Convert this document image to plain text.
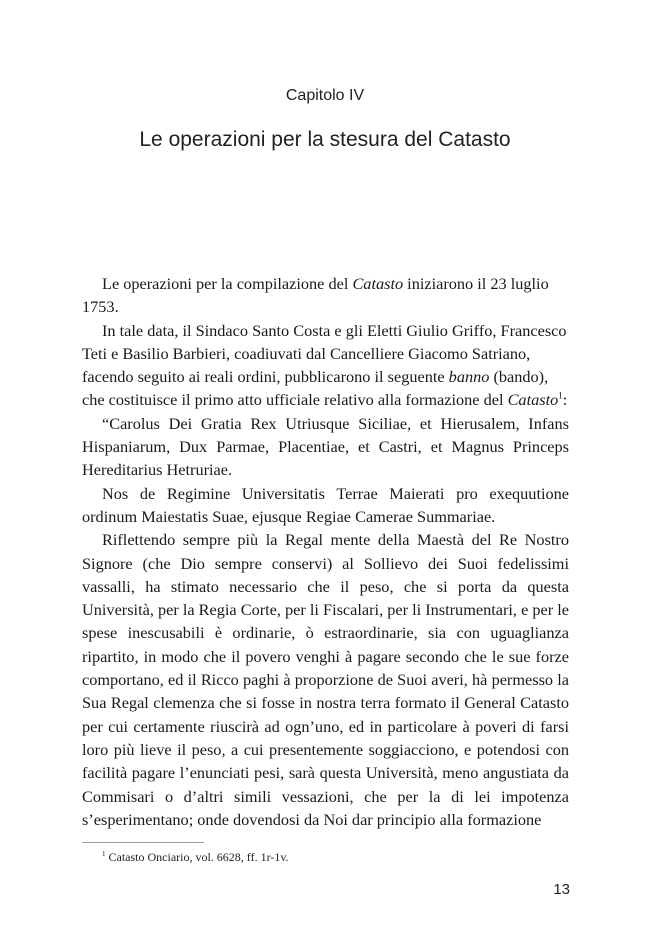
Capitolo IV
Le operazioni per la stesura del Catasto

Le operazioni per la compilazione del Catasto iniziarono il 23 luglio 1753.

In tale data, il Sindaco Santo Costa e gli Eletti Giulio Griffo, Francesco Teti e Basilio Barbieri, coadiuvati dal Cancelliere Giacomo Satriano, facendo seguito ai reali ordini, pubblicarono il seguente banno (bando), che costituisce il primo atto ufficiale relativo alla formazione del Catasto$^1$:

“Carolus Dei Gratia Rex Utriusque Siciliae, et Hierusalem, Infans Hispaniarum, Dux Parmae, Placentiae, et Castri, et Magnus Princeps Hereditarius Hetruriae.

Nos de Regimine Universitatis Terrae Maierati pro exequutione ordinum Maiestatis Suae, ejusque Regiae Camerae Summariae.

Riflettendo sempre più la Regal mente della Maestà del Re Nostro Signore (che Dio sempre conservi) al Sollievo dei Suoi fedelissimi vassalli, ha stimato necessario che il peso, che si porta da questa Università, per la Regia Corte, per li Fiscalari, per li Instrumentari, e per le spese inescusabili è ordinarie, ò estraordinarie, sia con uguaglianza ripartito, in modo che il povero venghi à pagare secondo che le sue forze comportano, ed il Ricco paghi à proporzione de Suoi averi, hà permesso la Sua Regal clemenza che si fosse in nostra terra formato il General Catasto per cui certamente riuscirà ad ogn’uno, ed in particolare à poveri di farsi loro più lieve il peso, a cui presentemente soggiacciono, e potendosi con facilità pagare l’enunciati pesi, sarà questa Università, meno angustiata da Commisari o d’altri simili vessazioni, che per la di lei impotenza s’esperimentano; onde dovendosi da Noi dar principio alla formazione

$^1$ Catasto Onciario, vol. 6628, ff. 1r-1v.
13
